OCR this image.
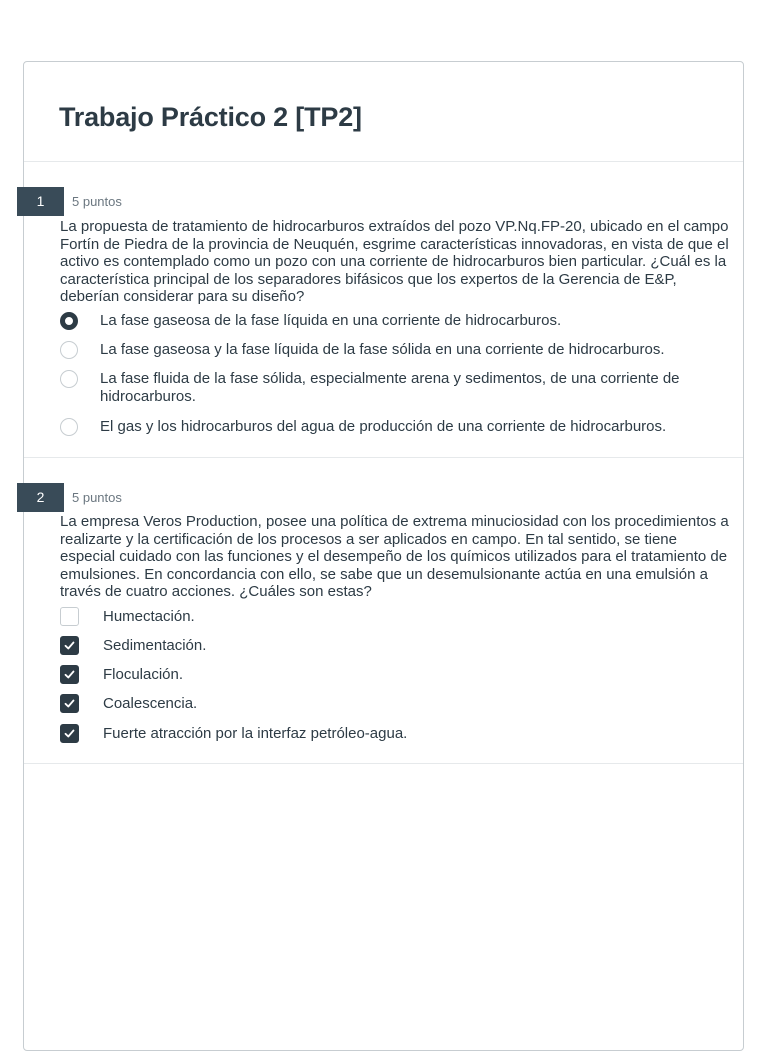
Trabajo Práctico 2 [TP2]
1	5 puntos

La propuesta de tratamiento de hidrocarburos extraídos del pozo VP.Nq.FP-20, ubicado en el campo Fortín de Piedra de la provincia de Neuquén, esgrime características innovadoras, en vista de que el activo es contemplado como un pozo con una corriente de hidrocarburos bien particular. ¿Cuál es la característica principal de los separadores bifásicos que los expertos de la Gerencia de E&P, deberían considerar para su diseño?

La fase gaseosa de la fase líquida en una corriente de hidrocarburos.
La fase gaseosa y la fase líquida de la fase sólida en una corriente de hidrocarburos.
La fase fluida de la fase sólida, especialmente arena y sedimentos, de una corriente de hidrocarburos.
El gas y los hidrocarburos del agua de producción de una corriente de hidrocarburos.
2	5 puntos

La empresa Veros Production, posee una política de extrema minuciosidad con los procedimientos a realizarte y la certificación de los procesos a ser aplicados en campo. En tal sentido, se tiene especial cuidado con las funciones y el desempeño de los químicos utilizados para el tratamiento de emulsiones. En concordancia con ello, se sabe que un desemulsionante actúa en una emulsión a través de cuatro acciones. ¿Cuáles son estas?

Humectación.
Sedimentación.
Floculación.
Coalescencia.
Fuerte atracción por la interfaz petróleo-agua.
